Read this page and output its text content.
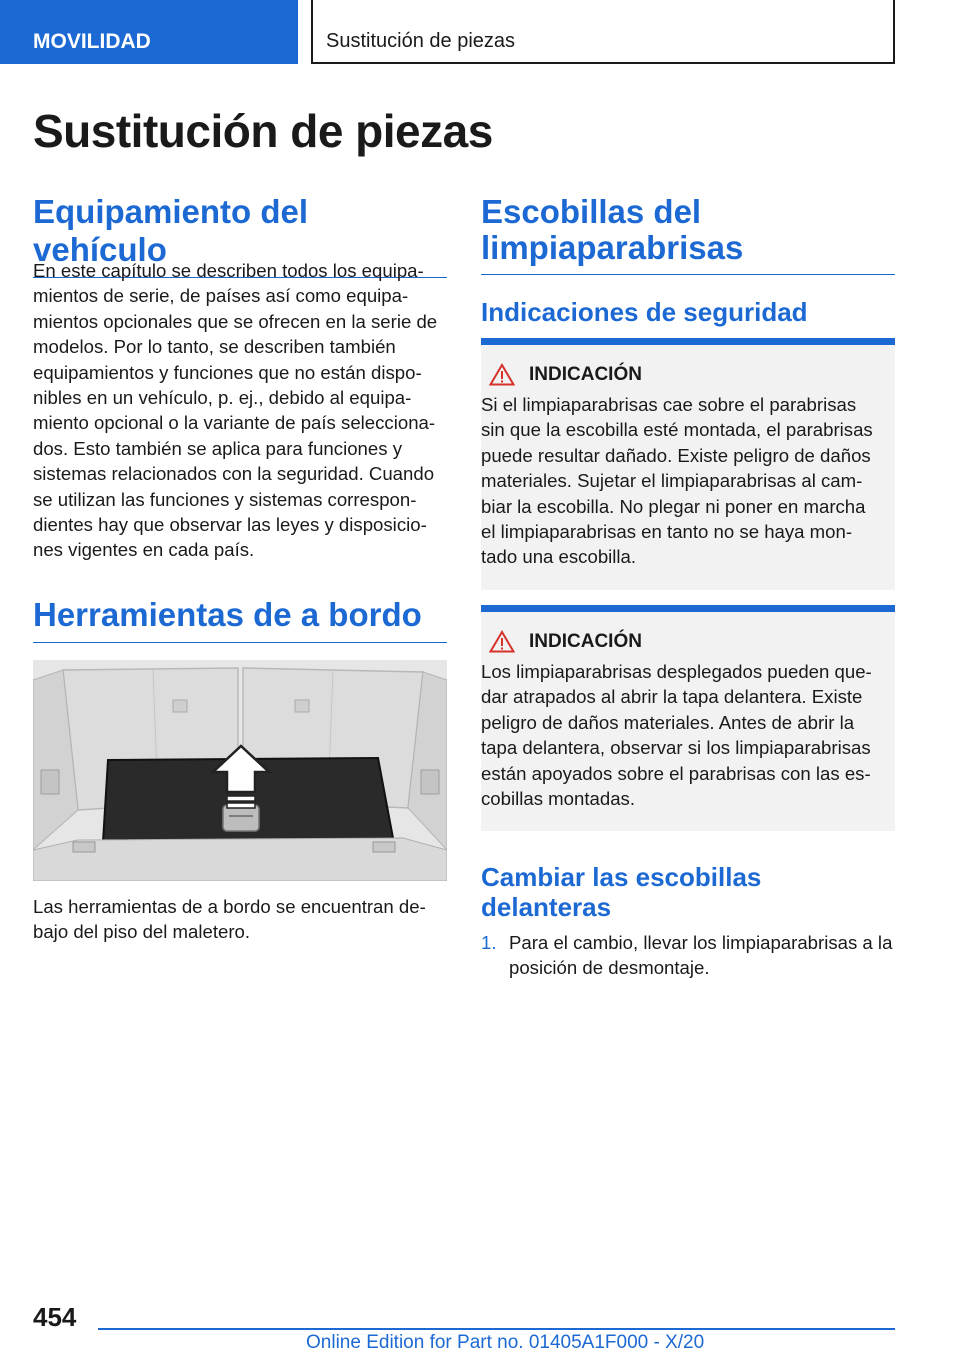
MOVILIDAD	Sustitución de piezas
Sustitución de piezas
Equipamiento del vehículo

En este capítulo se describen todos los equipa-
mientos de serie, de países así como equipa-
mientos opcionales que se ofrecen en la serie de
modelos. Por lo tanto, se describen también
equipamientos y funciones que no están dispo-
nibles en un vehículo, p. ej., debido al equipa-
miento opcional o la variante de país selecciona-
dos. Esto también se aplica para funciones y
sistemas relacionados con la seguridad. Cuando
se utilizan las funciones y sistemas correspon-
dientes hay que observar las leyes y disposicio-
nes vigentes en cada país.

Herramientas de a bordo

Las herramientas de a bordo se encuentran de-
bajo del piso del maletero.

Escobillas del
limpiaparabrisas
Indicaciones de seguridad
INDICACIÓN

Si el limpiaparabrisas cae sobre el parabrisas
sin que la escobilla esté montada, el parabrisas
puede resultar dañado. Existe peligro de daños
materiales. Sujetar el limpiaparabrisas al cam-
biar la escobilla. No plegar ni poner en marcha
el limpiaparabrisas en tanto no se haya mon-
tado una escobilla.

INDICACIÓN

Los limpiaparabrisas desplegados pueden que-
dar atrapados al abrir la tapa delantera. Existe
peligro de daños materiales. Antes de abrir la
tapa delantera, observar si los limpiaparabrisas
están apoyados sobre el parabrisas con las es-
cobillas montadas.

Cambiar las escobillas
delanteras
1. Para el cambio, llevar los limpiaparabrisas a la
posición de desmontaje.
454
Online Edition for Part no. 01405A1F000 - X/20
